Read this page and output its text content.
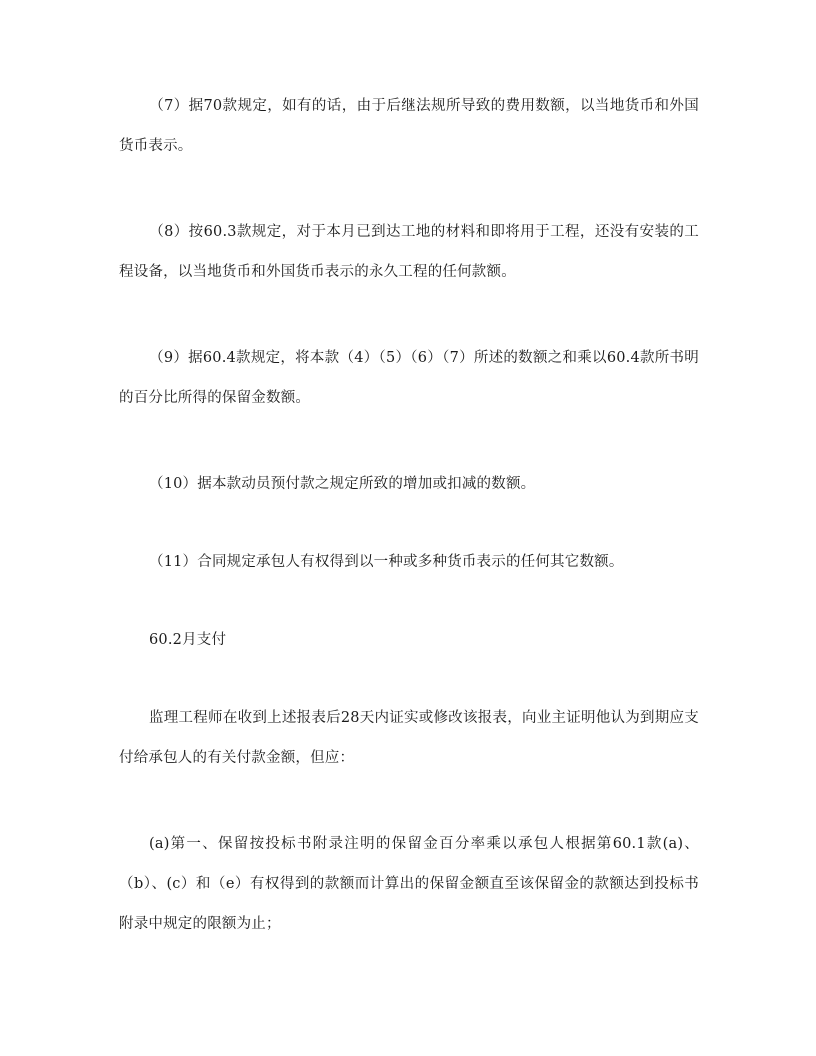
（7）据70款规定，如有的话，由于后继法规所导致的费用数额，以当地货币和外国货币表示。

（8）按60.3款规定，对于本月已到达工地的材料和即将用于工程，还没有安装的工程设备，以当地货币和外国货币表示的永久工程的任何款额。

（9）据60.4款规定，将本款（4）（5）（6）（7）所述的数额之和乘以60.4款所书明的百分比所得的保留金数额。

（10）据本款动员预付款之规定所致的增加或扣减的数额。

（11）合同规定承包人有权得到以一种或多种货币表示的任何其它数额。

60.2月支付

监理工程师在收到上述报表后28天内证实或修改该报表，向业主证明他认为到期应支付给承包人的有关付款金额，但应：

(a)第一、保留按投标书附录注明的保留金百分率乘以承包人根据第60.1款(a)、（b）、(c）和（e）有权得到的款额而计算出的保留金额直至该保留金的款额达到投标书附录中规定的限额为止；
